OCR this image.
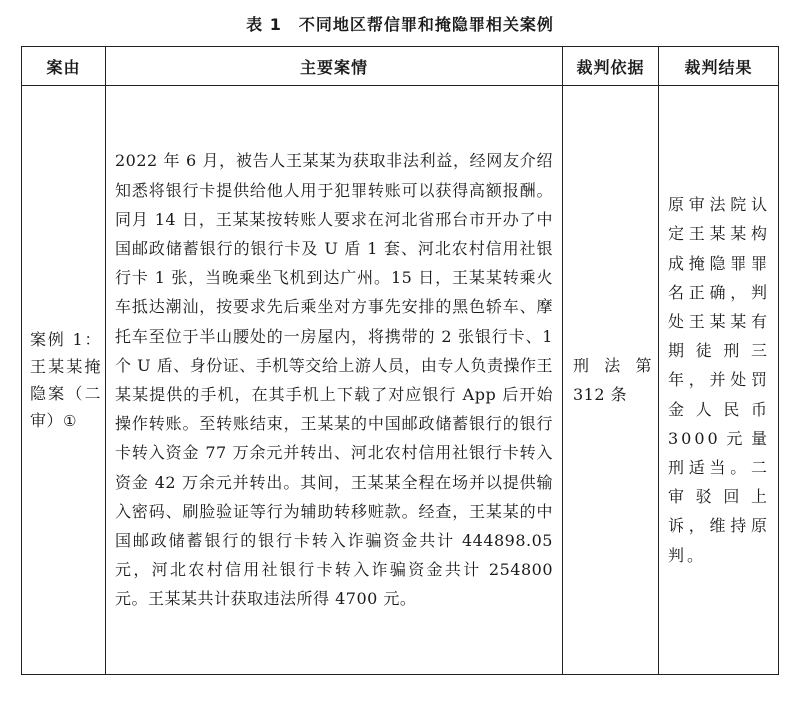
表 1　不同地区帮信罪和掩隐罪相关案例
案由	主要案情	裁判依据	裁判结果
案例 1：王某某掩隐案（二审）①	2022 年 6 月，被告人王某某为获取非法利益，经网友介绍知悉将银行卡提供给他人用于犯罪转账可以获得高额报酬。同月 14 日，王某某按转账人要求在河北省邢台市开办了中国邮政储蓄银行的银行卡及 U 盾 1 套、河北农村信用社银行卡 1 张，当晚乘坐飞机到达广州。15 日，王某某转乘火车抵达潮汕，按要求先后乘坐对方事先安排的黑色轿车、摩托车至位于半山腰处的一房屋内，将携带的 2 张银行卡、1 个 U 盾、身份证、手机等交给上游人员，由专人负责操作王某某提供的手机，在其手机上下载了对应银行 App 后开始操作转账。至转账结束，王某某的中国邮政储蓄银行的银行卡转入资金 77 万余元并转出、河北农村信用社银行卡转入资金 42 万余元并转出。其间，王某某全程在场并以提供输入密码、刷脸验证等行为辅助转移赃款。经查，王某某的中国邮政储蓄银行的银行卡转入诈骗资金共计 444898.05 元，河北农村信用社银行卡转入诈骗资金共计 254800 元。王某某共计获取违法所得 4700 元。	刑法第 312 条	原审法院认定王某某构成掩隐罪罪名正确，判处王某某有期徒刑三年，并处罚金人民币3000元量刑适当。二审驳回上诉，维持原判。
